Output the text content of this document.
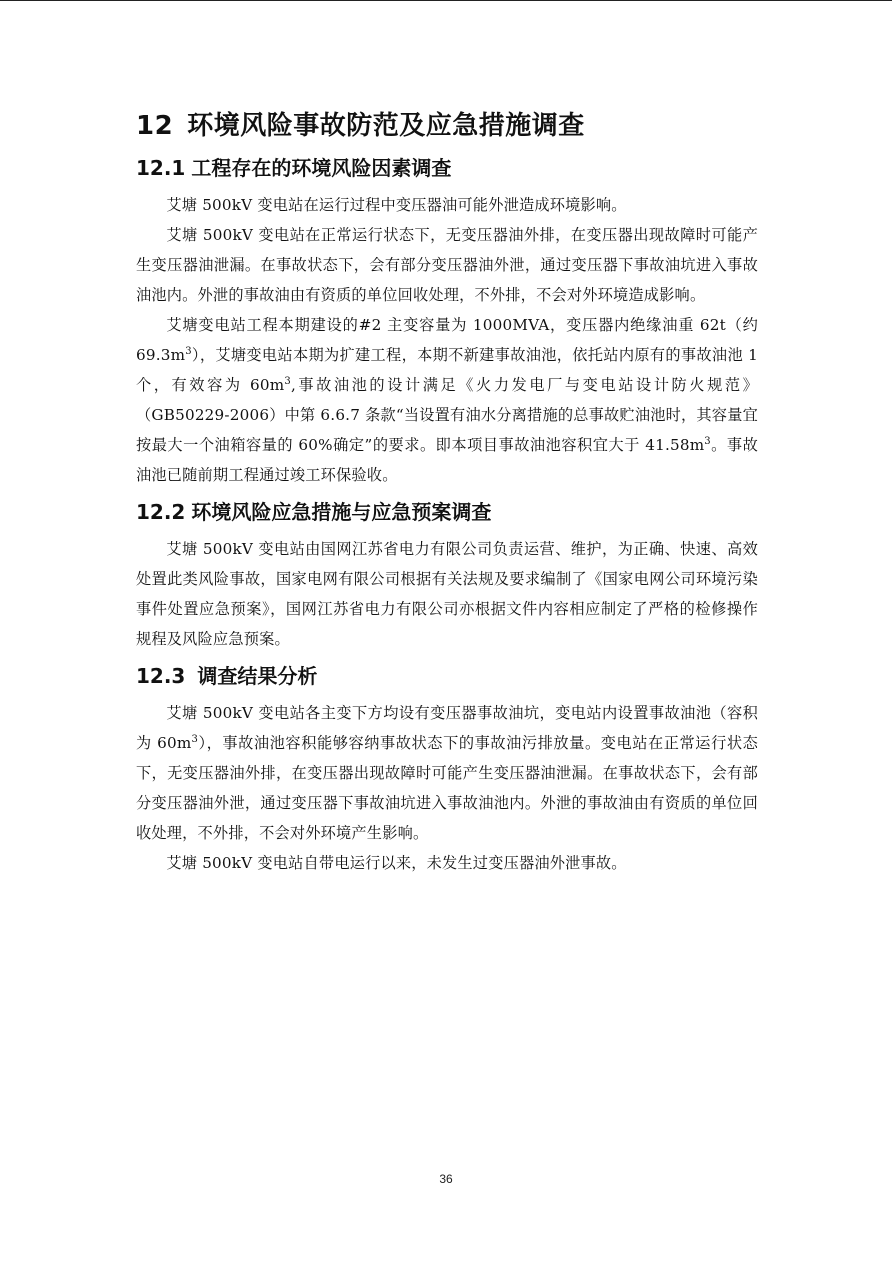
12 环境风险事故防范及应急措施调查
12.1 工程存在的环境风险因素调查

艾塘 500kV 变电站在运行过程中变压器油可能外泄造成环境影响。

艾塘 500kV 变电站在正常运行状态下，无变压器油外排，在变压器出现故障时可能产生变压器油泄漏。在事故状态下，会有部分变压器油外泄，通过变压器下事故油坑进入事故油池内。外泄的事故油由有资质的单位回收处理，不外排，不会对外环境造成影响。

艾塘变电站工程本期建设的#2 主变容量为 1000MVA，变压器内绝缘油重 62t（约 $69.3m^3$），艾塘变电站本期为扩建工程，本期不新建事故油池，依托站内原有的事故油池 1 个，有效容为 $60m^3$,事故油池的设计满足《火力发电厂与变电站设计防火规范》（GB50229-2006）中第 6.6.7 条款“当设置有油水分离措施的总事故贮油池时，其容量宜按最大一个油箱容量的 60%确定”的要求。即本项目事故油池容积宜大于 $41.58m^3$。事故油池已随前期工程通过竣工环保验收。

12.2 环境风险应急措施与应急预案调查

艾塘 500kV 变电站由国网江苏省电力有限公司负责运营、维护，为正确、快速、高效处置此类风险事故，国家电网有限公司根据有关法规及要求编制了《国家电网公司环境污染事件处置应急预案》，国网江苏省电力有限公司亦根据文件内容相应制定了严格的检修操作规程及风险应急预案。

12.3 调查结果分析

艾塘 500kV 变电站各主变下方均设有变压器事故油坑，变电站内设置事故油池（容积为 $60m^3$），事故油池容积能够容纳事故状态下的事故油污排放量。变电站在正常运行状态下，无变压器油外排，在变压器出现故障时可能产生变压器油泄漏。在事故状态下，会有部分变压器油外泄，通过变压器下事故油坑进入事故油池内。外泄的事故油由有资质的单位回收处理，不外排，不会对外环境产生影响。

艾塘 500kV 变电站自带电运行以来，未发生过变压器油外泄事故。

36
